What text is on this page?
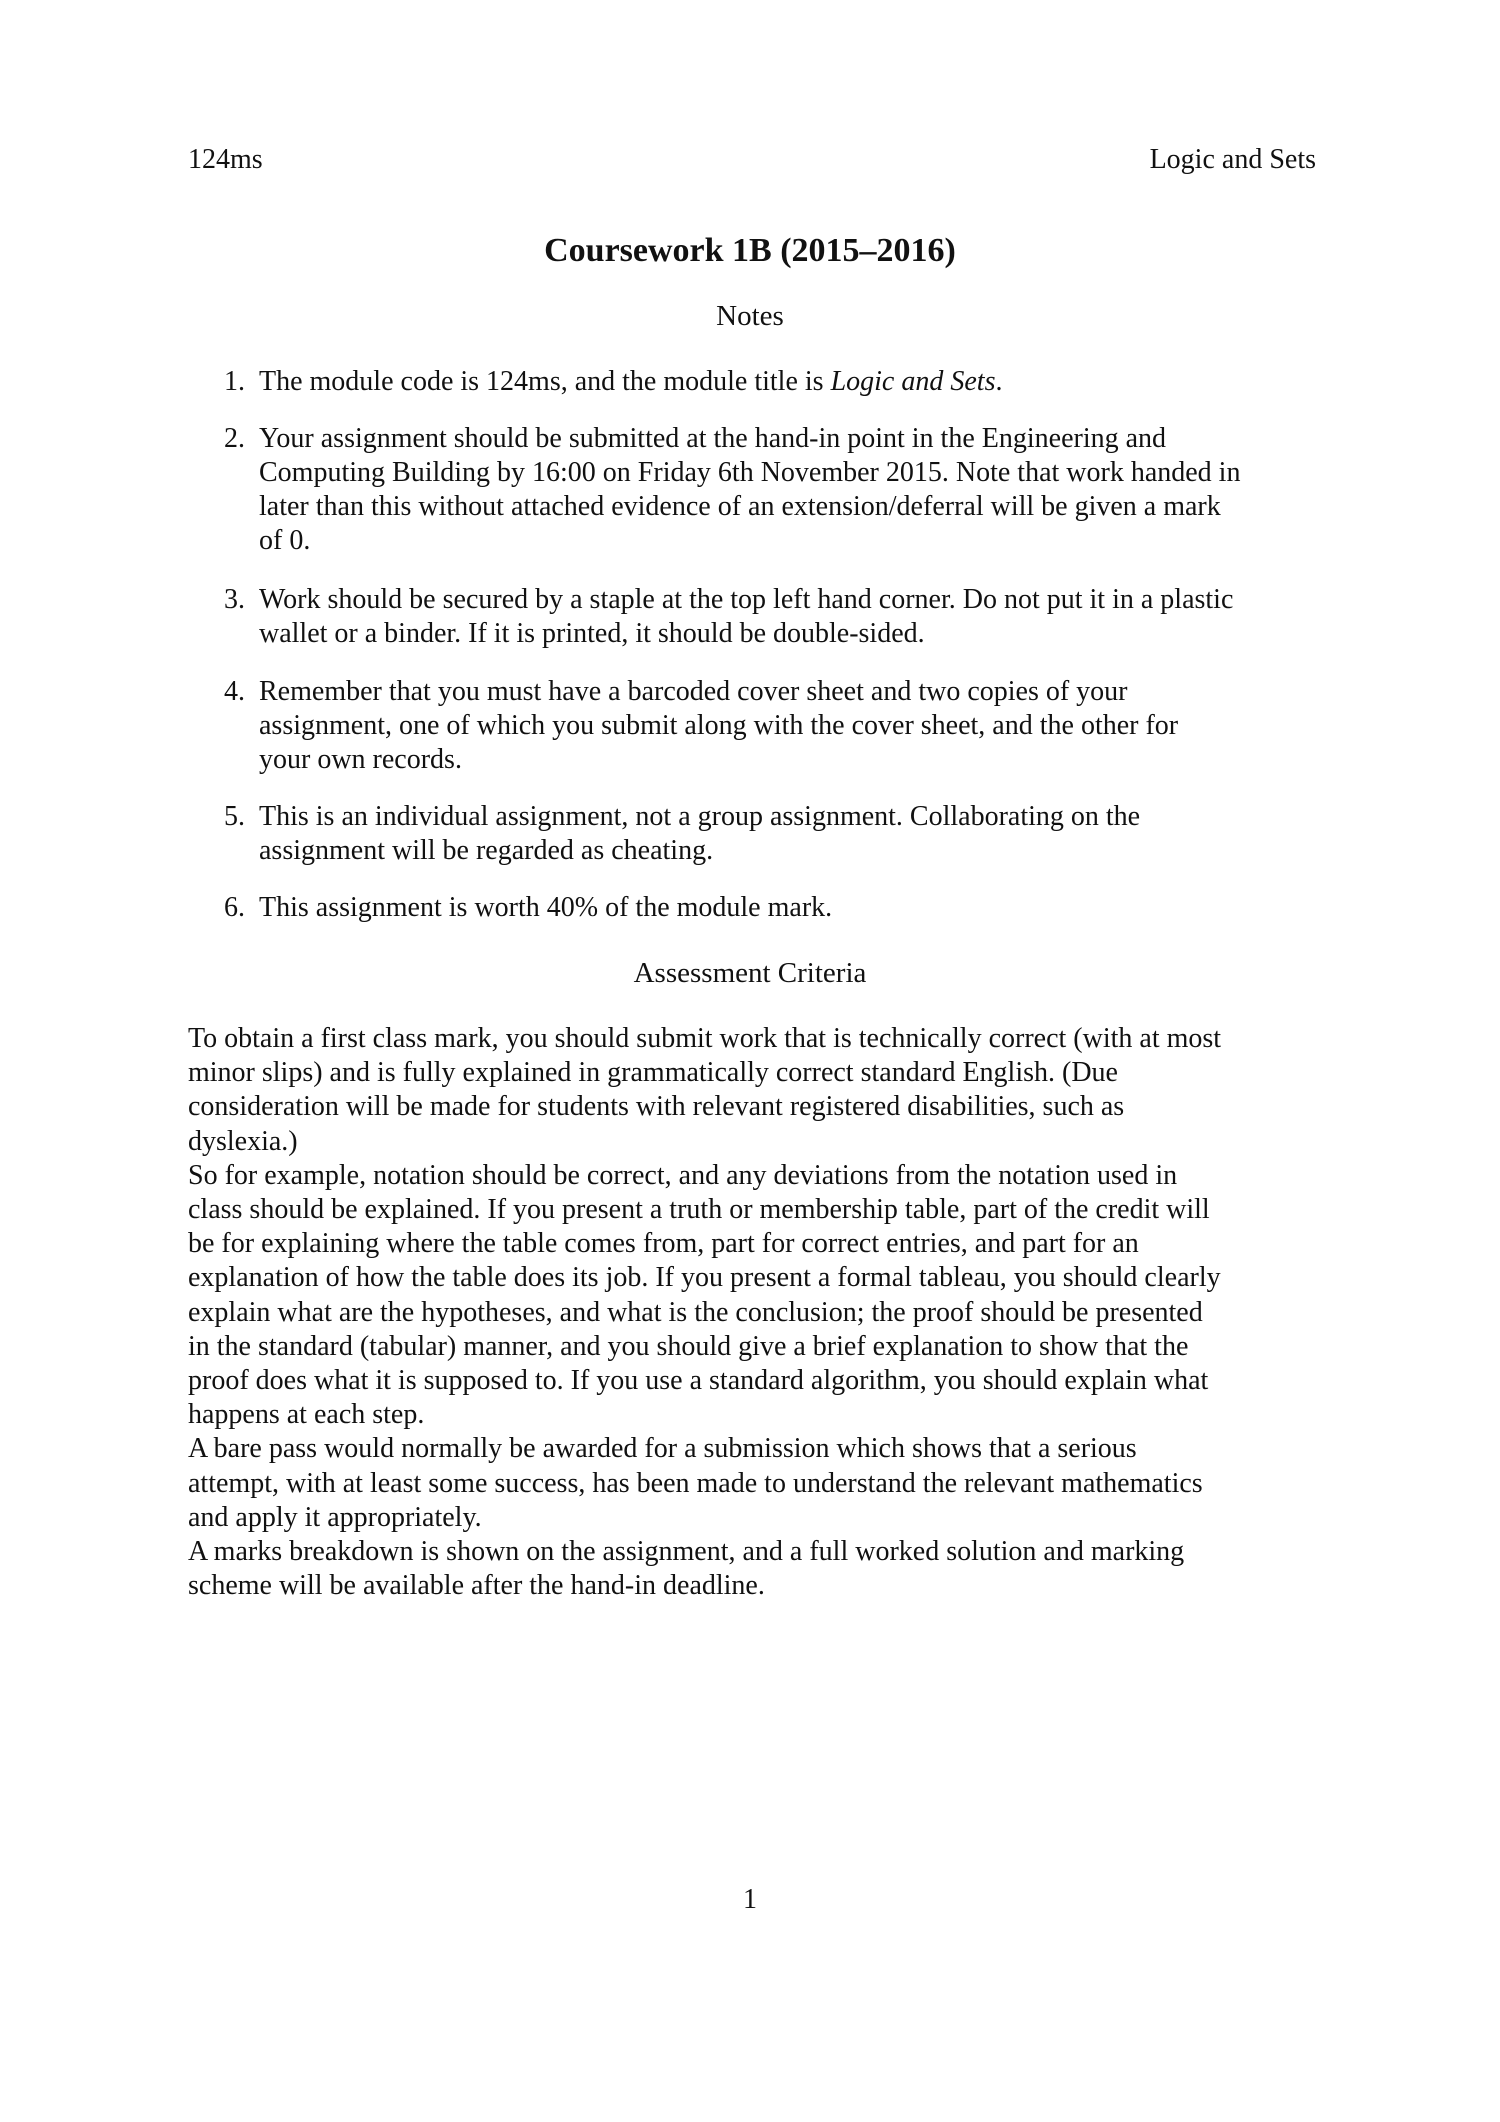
124ms	Logic and Sets
Coursework 1B (2015–2016)
Notes
1. The module code is 124ms, and the module title is Logic and Sets.
2. Your assignment should be submitted at the hand-in point in the Engineering and
Computing Building by 16:00 on Friday 6th November 2015. Note that work handed in
later than this without attached evidence of an extension/deferral will be given a mark
of 0.
3. Work should be secured by a staple at the top left hand corner. Do not put it in a plastic
wallet or a binder. If it is printed, it should be double-sided.
4. Remember that you must have a barcoded cover sheet and two copies of your
assignment, one of which you submit along with the cover sheet, and the other for
your own records.
5. This is an individual assignment, not a group assignment. Collaborating on the
assignment will be regarded as cheating.
6. This assignment is worth 40% of the module mark.
Assessment Criteria
To obtain a first class mark, you should submit work that is technically correct (with at most
minor slips) and is fully explained in grammatically correct standard English. (Due
consideration will be made for students with relevant registered disabilities, such as
dyslexia.)
So for example, notation should be correct, and any deviations from the notation used in
class should be explained. If you present a truth or membership table, part of the credit will
be for explaining where the table comes from, part for correct entries, and part for an
explanation of how the table does its job. If you present a formal tableau, you should clearly
explain what are the hypotheses, and what is the conclusion; the proof should be presented
in the standard (tabular) manner, and you should give a brief explanation to show that the
proof does what it is supposed to. If you use a standard algorithm, you should explain what
happens at each step.
A bare pass would normally be awarded for a submission which shows that a serious
attempt, with at least some success, has been made to understand the relevant mathematics
and apply it appropriately.
A marks breakdown is shown on the assignment, and a full worked solution and marking
scheme will be available after the hand-in deadline.
1
